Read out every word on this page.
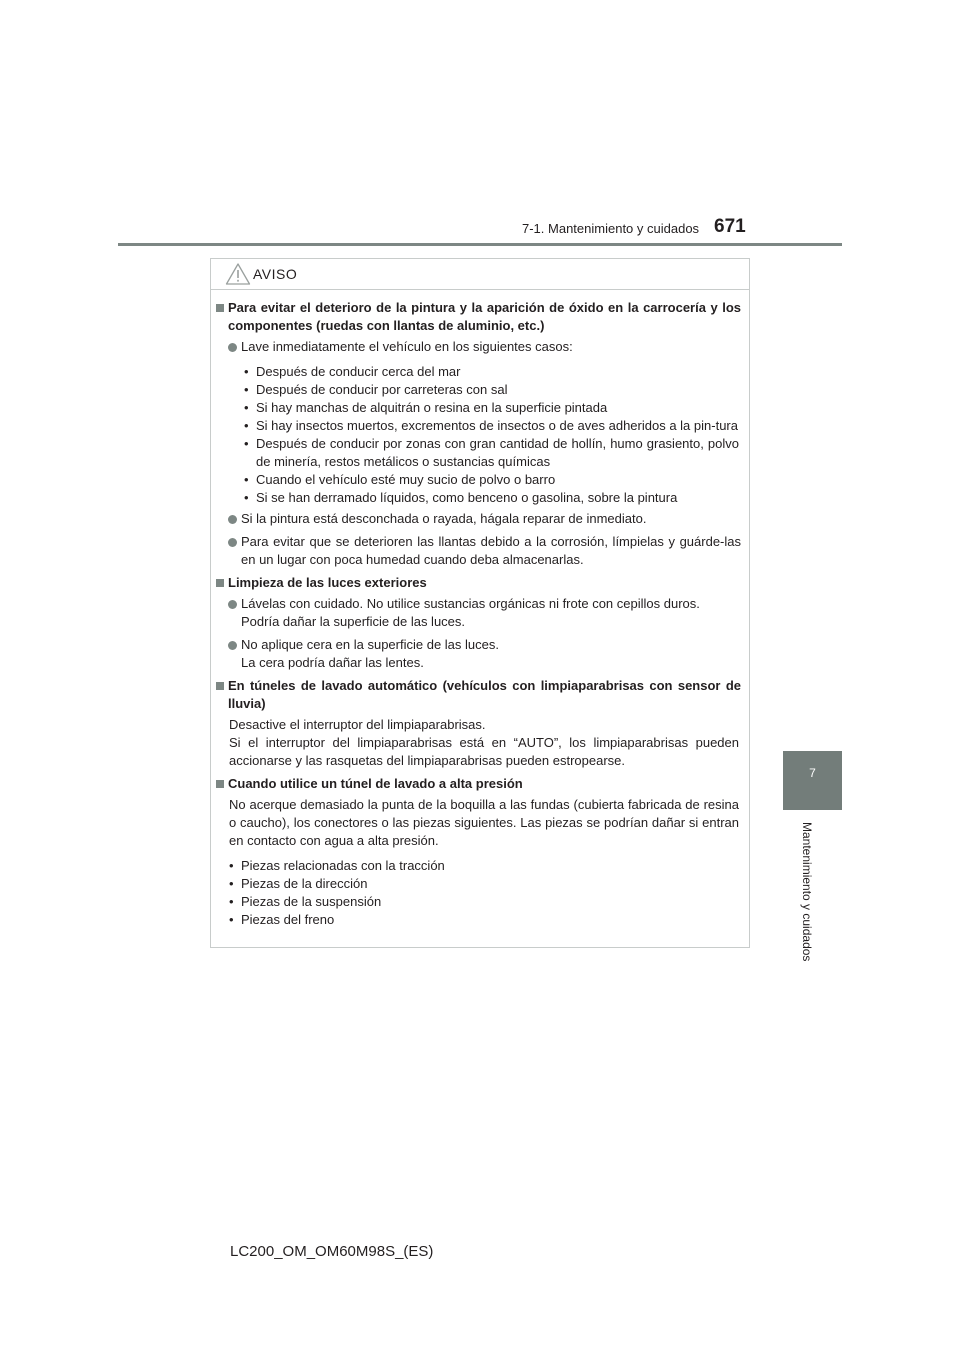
7-1. Mantenimiento y cuidados 671
7
Mantenimiento y cuidados
AVISO

Para evitar el deterioro de la pintura y la aparición de óxido en la carrocería y los componentes (ruedas con llantas de aluminio, etc.)

Lave inmediatamente el vehículo en los siguientes casos:

• Después de conducir cerca del mar

• Después de conducir por carreteras con sal

• Si hay manchas de alquitrán o resina en la superficie pintada

• Si hay insectos muertos, excrementos de insectos o de aves adheridos a la pin-tura

• Después de conducir por zonas con gran cantidad de hollín, humo grasiento, polvo de minería, restos metálicos o sustancias químicas

• Cuando el vehículo esté muy sucio de polvo o barro

• Si se han derramado líquidos, como benceno o gasolina, sobre la pintura

Si la pintura está desconchada o rayada, hágala reparar de inmediato.

Para evitar que se deterioren las llantas debido a la corrosión, límpielas y guárde-las en un lugar con poca humedad cuando deba almacenarlas.

Limpieza de las luces exteriores

Lávelas con cuidado. No utilice sustancias orgánicas ni frote con cepillos duros.
Podría dañar la superficie de las luces.
No aplique cera en la superficie de las luces.
La cera podría dañar las lentes.

En túneles de lavado automático (vehículos con limpiaparabrisas con sensor de lluvia)

Desactive el interruptor del limpiaparabrisas.
Si el interruptor del limpiaparabrisas está en “AUTO”, los limpiaparabrisas pueden accionarse y las rasquetas del limpiaparabrisas pueden estropearse.

Cuando utilice un túnel de lavado a alta presión

No acerque demasiado la punta de la boquilla a las fundas (cubierta fabricada de resina o caucho), los conectores o las piezas siguientes. Las piezas se podrían dañar si entran en contacto con agua a alta presión.

• Piezas relacionadas con la tracción

• Piezas de la dirección

• Piezas de la suspensión

• Piezas del freno

LC200_OM_OM60M98S_(ES)
